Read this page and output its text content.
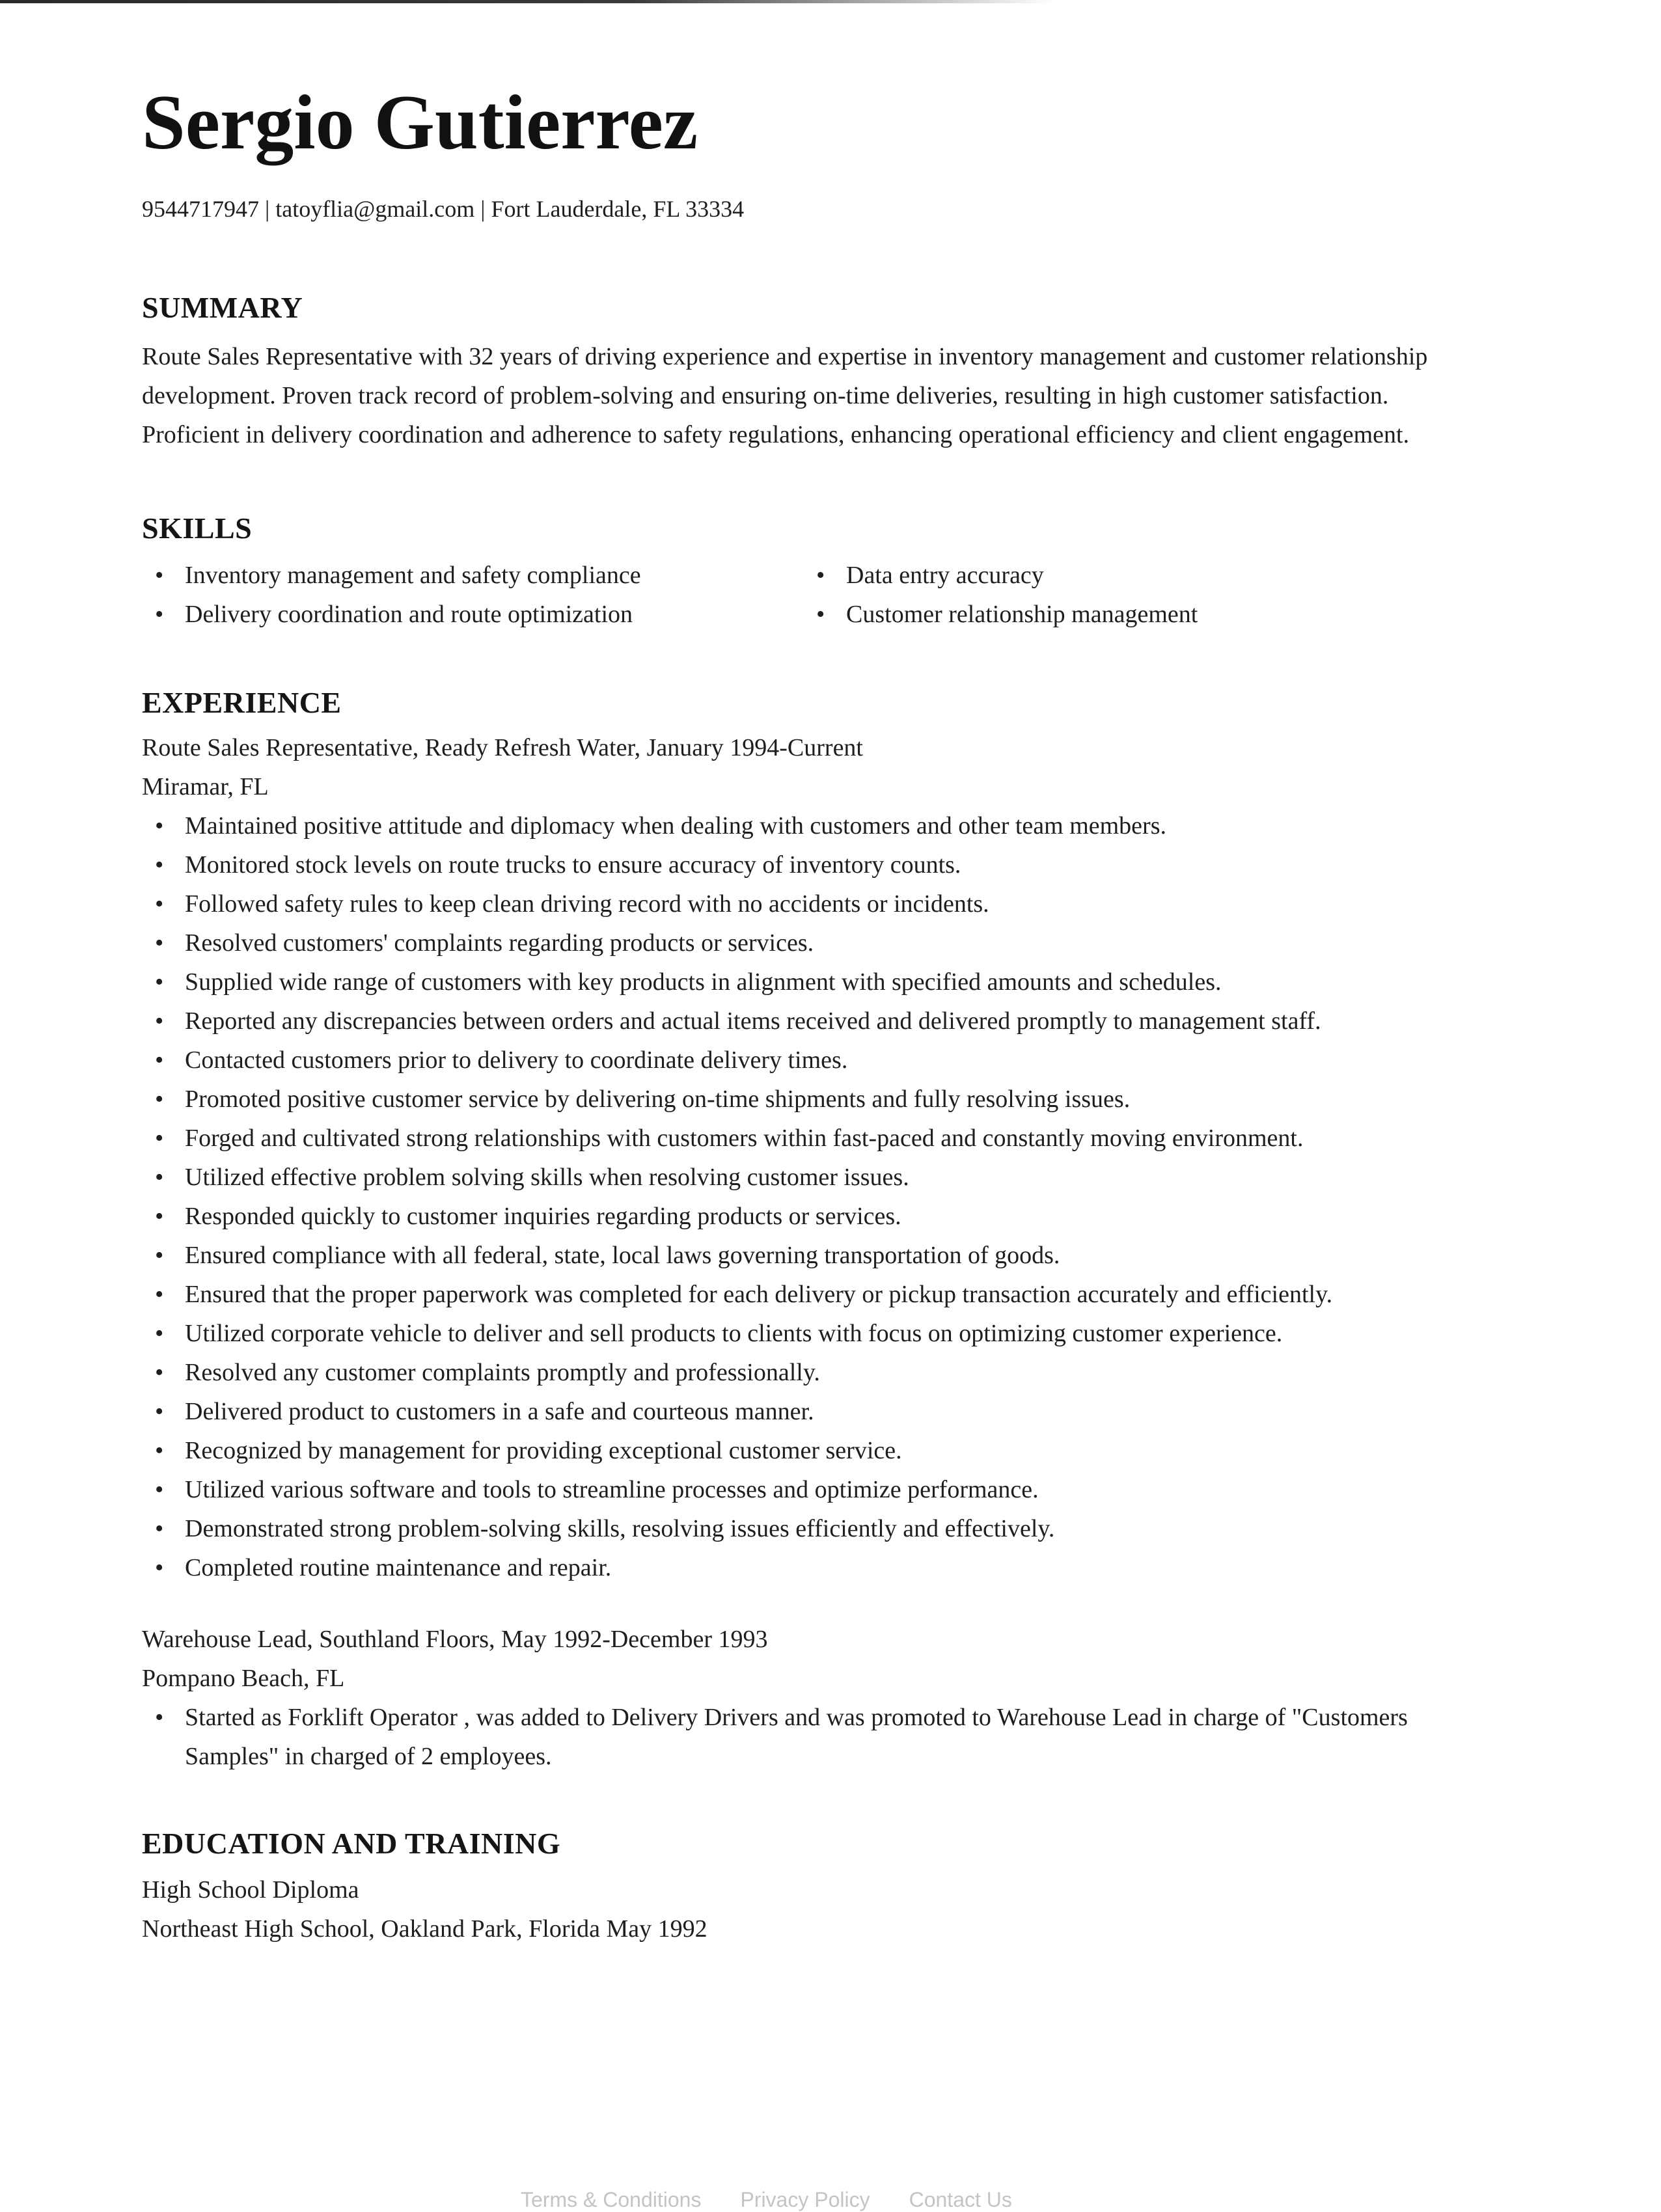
Sergio Gutierrez
9544717947 | tatoyflia@gmail.com | Fort Lauderdale, FL 33334
SUMMARY
Route Sales Representative with 32 years of driving experience and expertise in inventory management and customer relationship development. Proven track record of problem-solving and ensuring on-time deliveries, resulting in high customer satisfaction. Proficient in delivery coordination and adherence to safety regulations, enhancing operational efficiency and client engagement.
SKILLS
• Inventory management and safety compliance
• Delivery coordination and route optimization
• Data entry accuracy
• Customer relationship management
EXPERIENCE
Route Sales Representative, Ready Refresh Water, January 1994-Current
Miramar, FL
• Maintained positive attitude and diplomacy when dealing with customers and other team members.
• Monitored stock levels on route trucks to ensure accuracy of inventory counts.
• Followed safety rules to keep clean driving record with no accidents or incidents.
• Resolved customers' complaints regarding products or services.
• Supplied wide range of customers with key products in alignment with specified amounts and schedules.
• Reported any discrepancies between orders and actual items received and delivered promptly to management staff.
• Contacted customers prior to delivery to coordinate delivery times.
• Promoted positive customer service by delivering on-time shipments and fully resolving issues.
• Forged and cultivated strong relationships with customers within fast-paced and constantly moving environment.
• Utilized effective problem solving skills when resolving customer issues.
• Responded quickly to customer inquiries regarding products or services.
• Ensured compliance with all federal, state, local laws governing transportation of goods.
• Ensured that the proper paperwork was completed for each delivery or pickup transaction accurately and efficiently.
• Utilized corporate vehicle to deliver and sell products to clients with focus on optimizing customer experience.
• Resolved any customer complaints promptly and professionally.
• Delivered product to customers in a safe and courteous manner.
• Recognized by management for providing exceptional customer service.
• Utilized various software and tools to streamline processes and optimize performance.
• Demonstrated strong problem-solving skills, resolving issues efficiently and effectively.
• Completed routine maintenance and repair.
Warehouse Lead, Southland Floors, May 1992-December 1993
Pompano Beach, FL
• Started as Forklift Operator , was added to Delivery Drivers and was promoted to Warehouse Lead in charge of "Customers Samples" in charged of 2 employees.
EDUCATION AND TRAINING
High School Diploma
Northeast High School, Oakland Park, Florida May 1992
Terms & Conditions Privacy Policy Contact Us
